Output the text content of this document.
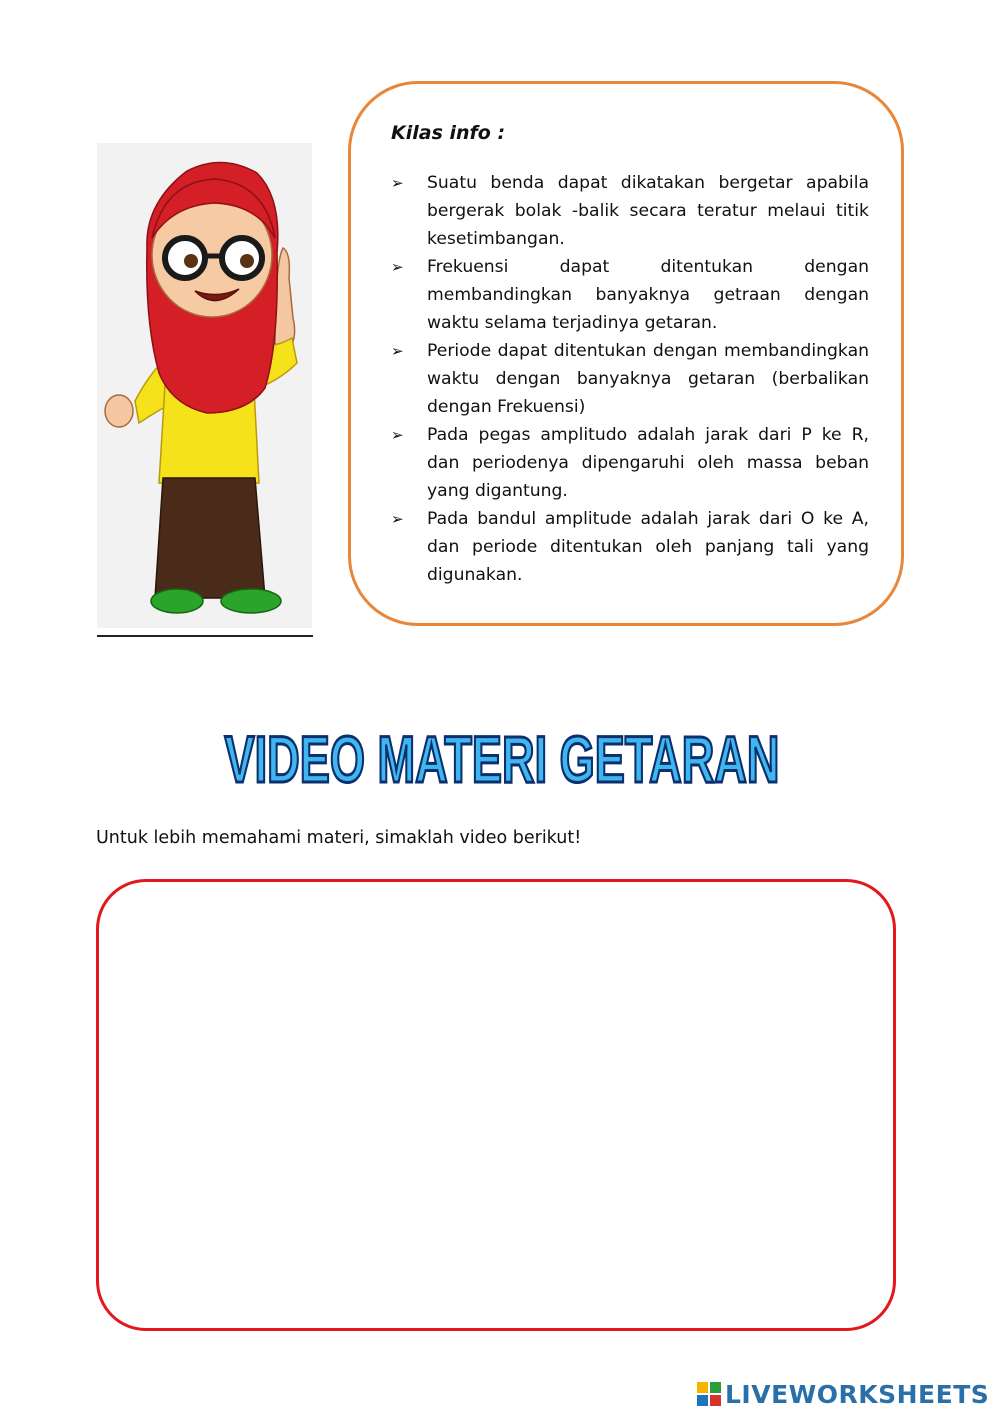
Kilas info :
➢ Suatu benda dapat dikatakan bergetar apabila bergerak bolak -balik secara teratur melaui titik kesetimbangan.
➢ Frekuensi dapat ditentukan dengan membandingkan banyaknya getraan dengan waktu selama terjadinya getaran.
➢ Periode dapat ditentukan dengan membandingkan waktu dengan banyaknya getaran (berbalikan dengan Frekuensi)
➢ Pada pegas amplitudo adalah jarak dari P ke R, dan periodenya dipengaruhi oleh massa beban yang digantung.
➢ Pada bandul amplitude adalah jarak dari O ke A, dan periode ditentukan oleh panjang tali yang digunakan.
VIDEO MATERI GETARAN
Untuk lebih memahami materi, simaklah video berikut!
LIVEWORKSHEETS
